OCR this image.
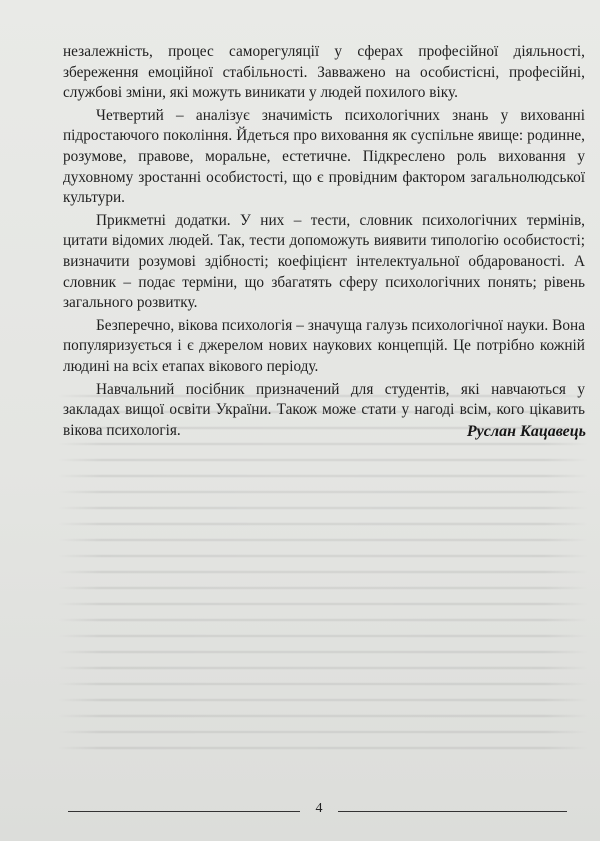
незалежність, процес саморегуляції у сферах професійної діяльності, збереження емоційної стабільності. Завважено на особистісні, професійні, службові зміни, які можуть виникати у людей похилого віку.

Четвертий – аналізує значимість психологічних знань у вихованні підростаючого покоління. Йдеться про виховання як суспільне явище: родинне, розумове, правове, моральне, естетичне. Підкреслено роль виховання у духовному зростанні особистості, що є провідним фактором загальнолюдської культури.

Прикметні додатки. У них – тести, словник психологічних термінів, цитати відомих людей. Так, тести допоможуть виявити типологію особистості; визначити розумові здібності; коефіцієнт інтелектуальної обдарованості. А словник – подає терміни, що збагатять сферу психологічних понять; рівень загального розвитку.

Безперечно, вікова психологія – значуща галузь психологічної науки. Вона популяризується і є джерелом нових наукових концепцій. Це потрібно кожній людині на всіх етапах вікового періоду.

Навчальний посібник призначений для студентів, які навчаються у закладах вищої освіти України. Також може стати у нагоді всім, кого цікавить вікова психологія.	Руслан Кацавець
4
